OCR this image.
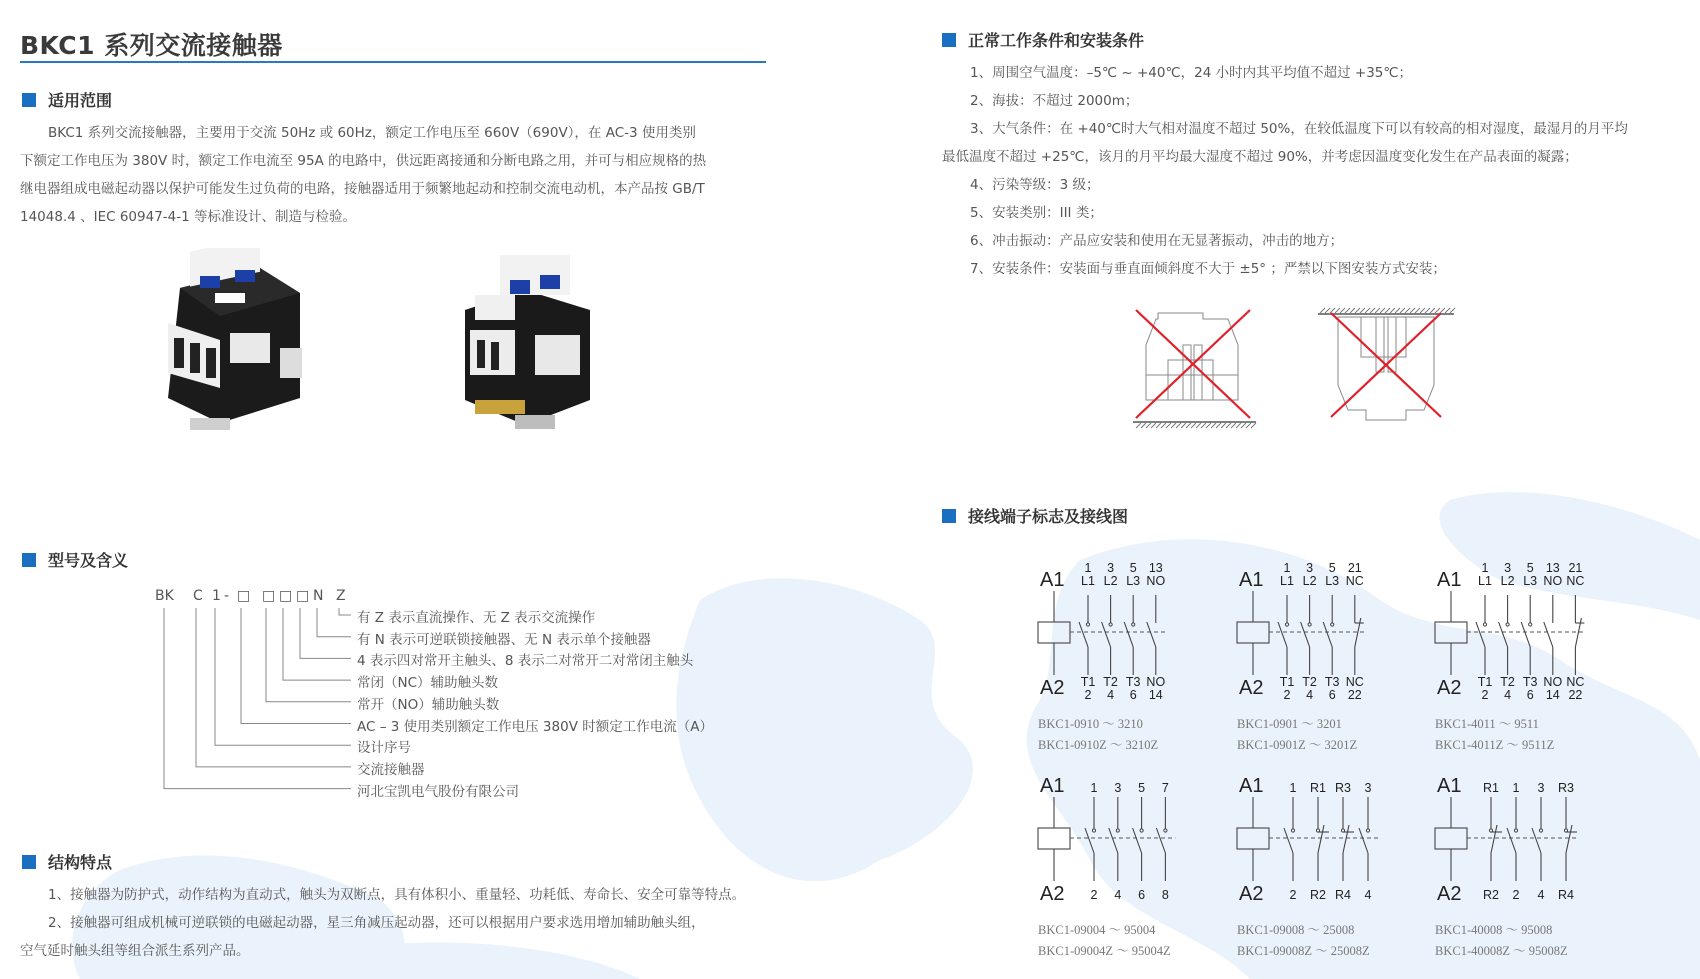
BKC1 系列交流接触器
适用范围
BKC1 系列交流接触器，主要用于交流 50Hz 或 60Hz，额定工作电压至 660V（690V），在 AC-3 使用类别
下额定工作电压为 380V 时，额定工作电流至 95A 的电路中，供远距离接通和分断电路之用，并可与相应规格的热
继电器组成电磁起动器以保护可能发生过负荷的电路，接触器适用于频繁地起动和控制交流电动机，本产品按 GB/T
14048.4 、IEC 60947-4-1 等标准设计、制造与检验。
型号及含义
BK C 1 - □ □ □ □ N Z
有 Z 表示直流操作、无 Z 表示交流操作
有 N 表示可逆联锁接触器、无 N 表示单个接触器
4 表示四对常开主触头、8 表示二对常开二对常闭主触头
常闭（NC）辅助触头数
常开（NO）辅助触头数
AC – 3 使用类别额定工作电压 380V 时额定工作电流（A）
设计序号
交流接触器
河北宝凯电气股份有限公司
结构特点
1、接触器为防护式，动作结构为直动式，触头为双断点，具有体积小、重量轻、功耗低、寿命长、安全可靠等特点。
2、接触器可组成机械可逆联锁的电磁起动器，星三角减压起动器，还可以根据用户要求选用增加辅助触头组，
空气延时触头组等组合派生系列产品。
正常工作条件和安装条件
1、周围空气温度：–5℃ ~ +40℃，24 小时内其平均值不超过 +35℃；
2、海拔：不超过 2000m；
3、大气条件：在 +40℃时大气相对温度不超过 50%，在较低温度下可以有较高的相对湿度，最湿月的月平均
最低温度不超过 +25℃，该月的月平均最大湿度不超过 90%，并考虑因温度变化发生在产品表面的凝露；
4、污染等级：3 级；
5、安装类别：III 类；
6、冲击振动：产品应安装和使用在无显著振动，冲击的地方；
7、安装条件：安装面与垂直面倾斜度不大于 ±5° ；严禁以下图安装方式安装；
接线端子标志及接线图
A1
A2
1
L1
T1
2
3
L2
T2
4
5
L3
T3
6
13
NO
NO
14
BKC1-0910 ～ 3210
BKC1-0910Z ～ 3210Z
A1
A2
1
L1
T1
2
3
L2
T2
4
5
L3
T3
6
21
NC
NC
22
BKC1-0901 ～ 3201
BKC1-0901Z ～ 3201Z
A1
A2
1
L1
T1
2
3
L2
T2
4
5
L3
T3
6
13
NO
NO
14
21
NC
NC
22
BKC1-4011 ～ 9511
BKC1-4011Z ～ 9511Z
A1
A2
1
2
3
4
5
6
7
8
BKC1-09004 ～ 95004
BKC1-09004Z ～ 95004Z
A1
A2
1
2
R1
R2
R3
R4
3
4
BKC1-09008 ～ 25008
BKC1-09008Z ～ 25008Z
A1
A2
R1
R2
1
2
3
4
R3
R4
BKC1-40008 ～ 95008
BKC1-40008Z ～ 95008Z
